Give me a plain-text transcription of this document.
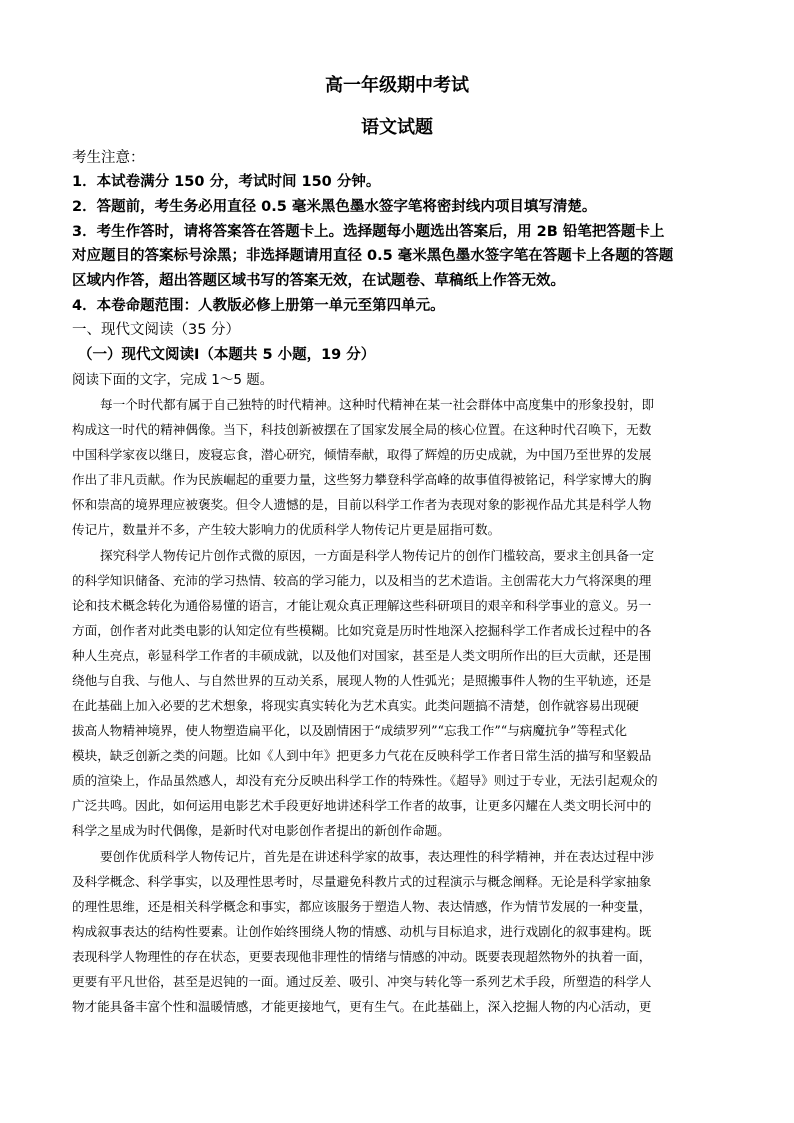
高一年级期中考试
语文试题
考生注意：
1．本试卷满分 150 分，考试时间 150 分钟。
2．答题前，考生务必用直径 0.5 毫米黑色墨水签字笔将密封线内项目填写清楚。
3．考生作答时，请将答案答在答题卡上。选择题每小题选出答案后，用 2B 铅笔把答题卡上
对应题目的答案标号涂黑；非选择题请用直径 0.5 毫米黑色墨水签字笔在答题卡上各题的答题
区域内作答，超出答题区域书写的答案无效，在试题卷、草稿纸上作答无效。
4．本卷命题范围：人教版必修上册第一单元至第四单元。
一、现代文阅读（35 分）
（一）现代文阅读Ⅰ（本题共 5 小题，19 分）
阅读下面的文字，完成 1～5 题。
每一个时代都有属于自己独特的时代精神。这种时代精神在某一社会群体中高度集中的形象投射，即
构成这一时代的精神偶像。当下，科技创新被摆在了国家发展全局的核心位置。在这种时代召唤下，无数
中国科学家夜以继日，废寝忘食，潜心研究，倾情奉献，取得了辉煌的历史成就，为中国乃至世界的发展
作出了非凡贡献。作为民族崛起的重要力量，这些努力攀登科学高峰的故事值得被铭记，科学家博大的胸
怀和崇高的境界理应被褒奖。但令人遗憾的是，目前以科学工作者为表现对象的影视作品尤其是科学人物
传记片，数量并不多，产生较大影响力的优质科学人物传记片更是屈指可数。
探究科学人物传记片创作式微的原因，一方面是科学人物传记片的创作门槛较高，要求主创具备一定
的科学知识储备、充沛的学习热情、较高的学习能力，以及相当的艺术造诣。主创需花大力气将深奥的理
论和技术概念转化为通俗易懂的语言，才能让观众真正理解这些科研项目的艰辛和科学事业的意义。另一
方面，创作者对此类电影的认知定位有些模糊。比如究竟是历时性地深入挖掘科学工作者成长过程中的各
种人生亮点，彰显科学工作者的丰硕成就，以及他们对国家，甚至是人类文明所作出的巨大贡献，还是围
绕他与自我、与他人、与自然世界的互动关系，展现人物的人性弧光；是照搬事件人物的生平轨迹，还是
在此基础上加入必要的艺术想象，将现实真实转化为艺术真实。此类问题搞不清楚，创作就容易出现硬
拔高人物精神境界，使人物塑造扁平化，以及剧情困于“成绩罗列”“忘我工作”“与病魔抗争”等程式化
模块，缺乏创新之类的问题。比如《人到中年》把更多力气花在反映科学工作者日常生活的描写和坚毅品
质的渲染上，作品虽然感人，却没有充分反映出科学工作的特殊性。《超导》则过于专业，无法引起观众的
广泛共鸣。因此，如何运用电影艺术手段更好地讲述科学工作者的故事，让更多闪耀在人类文明长河中的
科学之星成为时代偶像，是新时代对电影创作者提出的新创作命题。
要创作优质科学人物传记片，首先是在讲述科学家的故事，表达理性的科学精神，并在表达过程中涉
及科学概念、科学事实，以及理性思考时，尽量避免科教片式的过程演示与概念阐释。无论是科学家抽象
的理性思维，还是相关科学概念和事实，都应该服务于塑造人物、表达情感，作为情节发展的一种变量，
构成叙事表达的结构性要素。让创作始终围绕人物的情感、动机与目标追求，进行戏剧化的叙事建构。既
表现科学人物理性的存在状态，更要表现他非理性的情绪与情感的冲动。既要表现超然物外的执着一面，
更要有平凡世俗，甚至是迟钝的一面。通过反差、吸引、冲突与转化等一系列艺术手段，所塑造的科学人
物才能具备丰富个性和温暖情感，才能更接地气，更有生气。在此基础上，深入挖掘人物的内心活动，更
